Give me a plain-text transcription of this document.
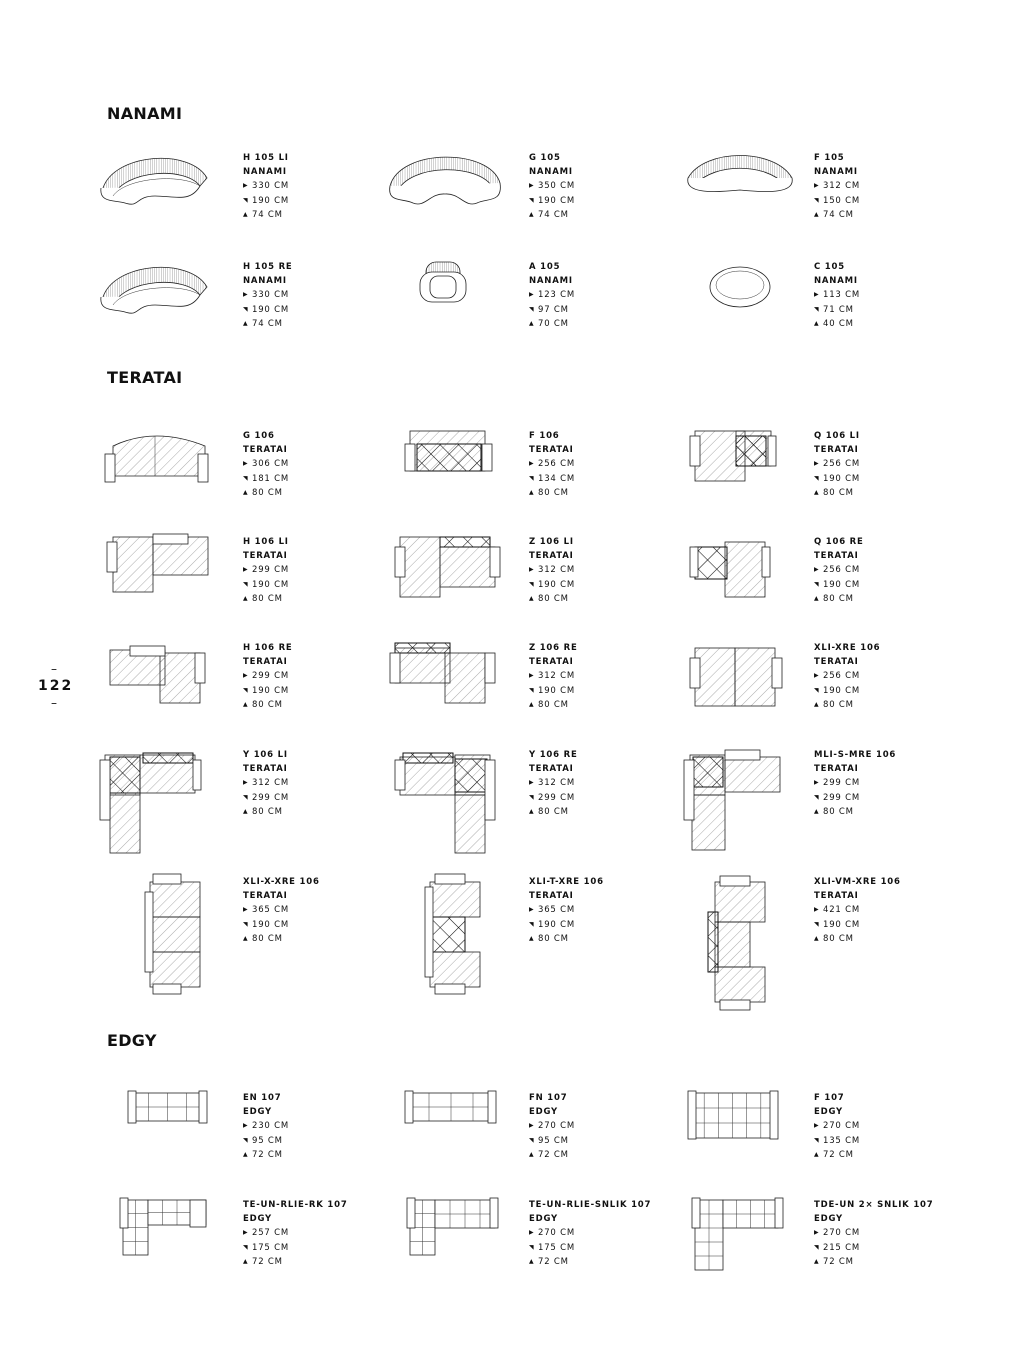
–
122
–
NANAMI
TERATAI
EDGY
H 105 LI
NANAMI
▶ 330 CM
◥ 190 CM
▲ 74 CM
G 105
NANAMI
▶ 350 CM
◥ 190 CM
▲ 74 CM
F 105
NANAMI
▶ 312 CM
◥ 150 CM
▲ 74 CM
H 105 RE
NANAMI
▶ 330 CM
◥ 190 CM
▲ 74 CM
A 105
NANAMI
▶ 123 CM
◥ 97 CM
▲ 70 CM
C 105
NANAMI
▶ 113 CM
◥ 71 CM
▲ 40 CM
G 106
TERATAI
▶ 306 CM
◥ 181 CM
▲ 80 CM
F 106
TERATAI
▶ 256 CM
◥ 134 CM
▲ 80 CM
Q 106 LI
TERATAI
▶ 256 CM
◥ 190 CM
▲ 80 CM
H 106 LI
TERATAI
▶ 299 CM
◥ 190 CM
▲ 80 CM
Z 106 LI
TERATAI
▶ 312 CM
◥ 190 CM
▲ 80 CM
Q 106 RE
TERATAI
▶ 256 CM
◥ 190 CM
▲ 80 CM
H 106 RE
TERATAI
▶ 299 CM
◥ 190 CM
▲ 80 CM
Z 106 RE
TERATAI
▶ 312 CM
◥ 190 CM
▲ 80 CM
XLI-XRE 106
TERATAI
▶ 256 CM
◥ 190 CM
▲ 80 CM
Y 106 LI
TERATAI
▶ 312 CM
◥ 299 CM
▲ 80 CM
Y 106 RE
TERATAI
▶ 312 CM
◥ 299 CM
▲ 80 CM
MLI-S-MRE 106
TERATAI
▶ 299 CM
◥ 299 CM
▲ 80 CM
XLI-X-XRE 106
TERATAI
▶ 365 CM
◥ 190 CM
▲ 80 CM
XLI-T-XRE 106
TERATAI
▶ 365 CM
◥ 190 CM
▲ 80 CM
XLI-VM-XRE 106
TERATAI
▶ 421 CM
◥ 190 CM
▲ 80 CM
EN 107
EDGY
▶ 230 CM
◥ 95 CM
▲ 72 CM
FN 107
EDGY
▶ 270 CM
◥ 95 CM
▲ 72 CM
F 107
EDGY
▶ 270 CM
◥ 135 CM
▲ 72 CM
TE-UN-RLIE-RK 107
EDGY
▶ 257 CM
◥ 175 CM
▲ 72 CM
TE-UN-RLIE-SNLIK 107
EDGY
▶ 270 CM
◥ 175 CM
▲ 72 CM
TDE-UN 2× SNLIK 107
EDGY
▶ 270 CM
◥ 215 CM
▲ 72 CM
